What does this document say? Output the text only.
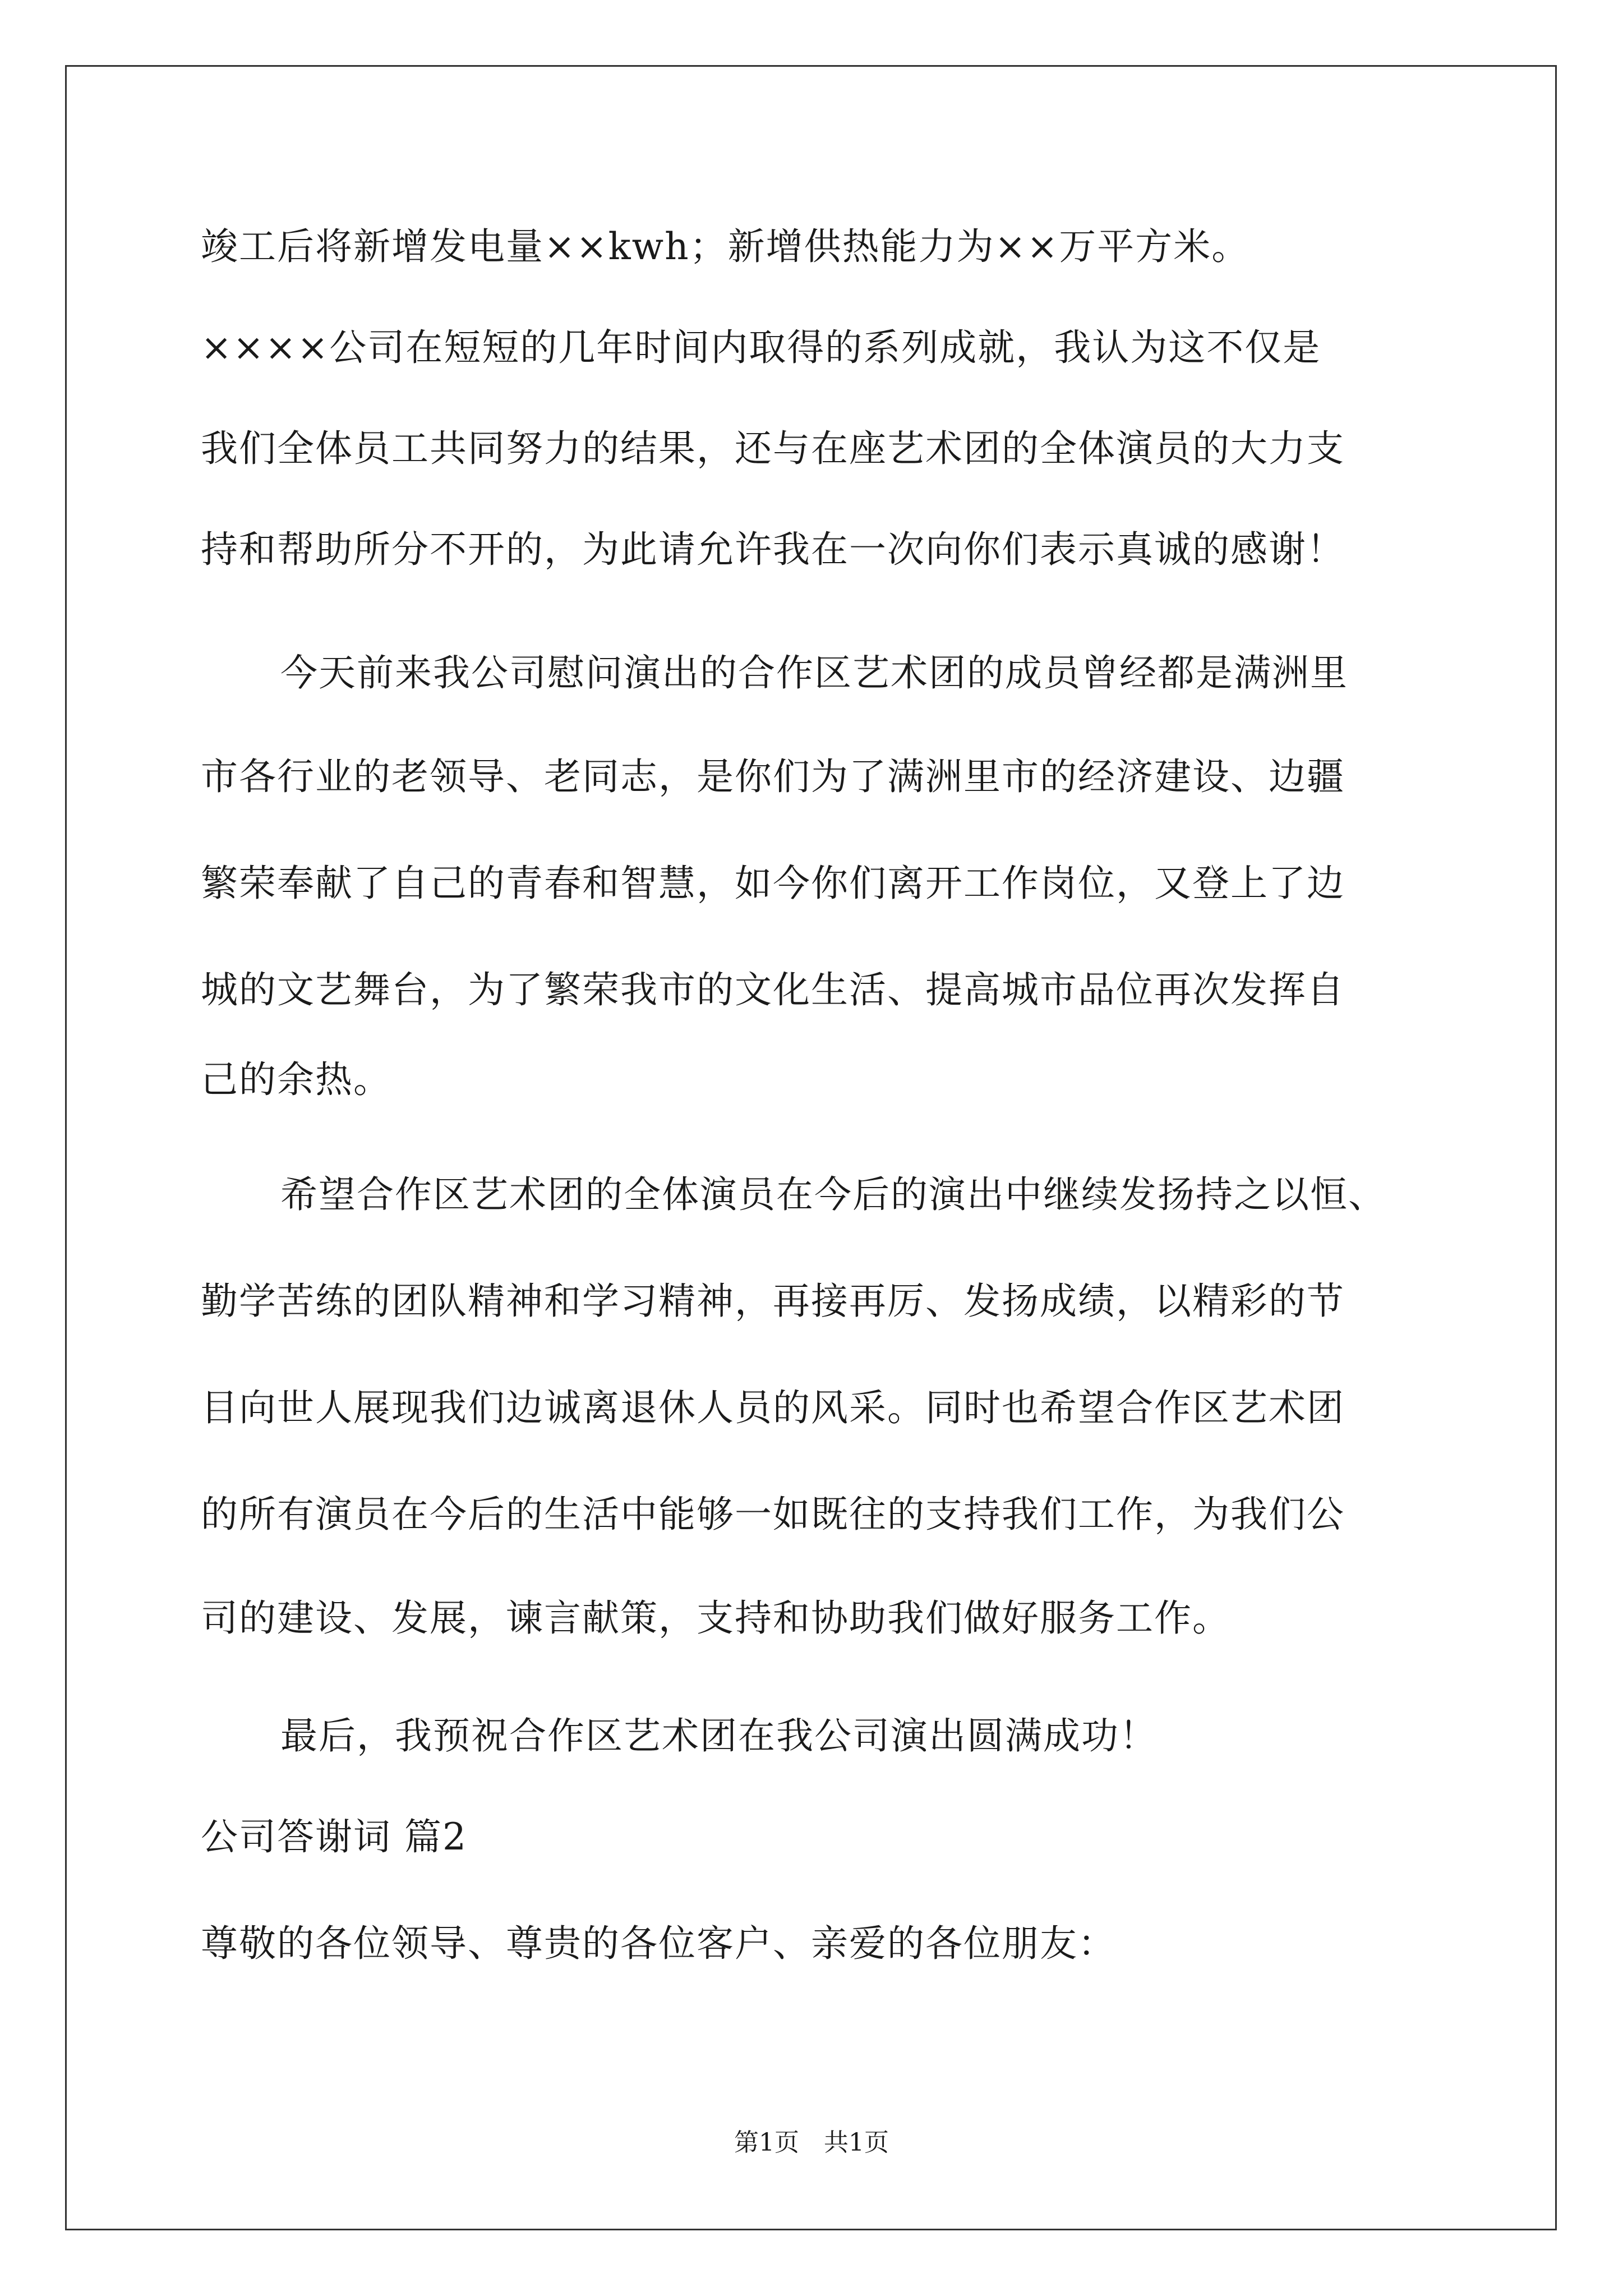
竣工后将新增发电量××kwh；新增供热能力为××万平方米。
××××公司在短短的几年时间内取得的系列成就，我认为这不仅是
我们全体员工共同努力的结果，还与在座艺术团的全体演员的大力支
持和帮助所分不开的，为此请允许我在一次向你们表示真诚的感谢！
今天前来我公司慰问演出的合作区艺术团的成员曾经都是满洲里
市各行业的老领导、老同志，是你们为了满洲里市的经济建设、边疆
繁荣奉献了自己的青春和智慧，如今你们离开工作岗位，又登上了边
城的文艺舞台，为了繁荣我市的文化生活、提高城市品位再次发挥自
己的余热。
希望合作区艺术团的全体演员在今后的演出中继续发扬持之以恒、
勤学苦练的团队精神和学习精神，再接再厉、发扬成绩，以精彩的节
目向世人展现我们边诚离退休人员的风采。同时也希望合作区艺术团
的所有演员在今后的生活中能够一如既往的支持我们工作，为我们公
司的建设、发展，谏言献策，支持和协助我们做好服务工作。
最后，我预祝合作区艺术团在我公司演出圆满成功！
公司答谢词 篇2
尊敬的各位领导、尊贵的各位客户、亲爱的各位朋友：
第1页　共1页
